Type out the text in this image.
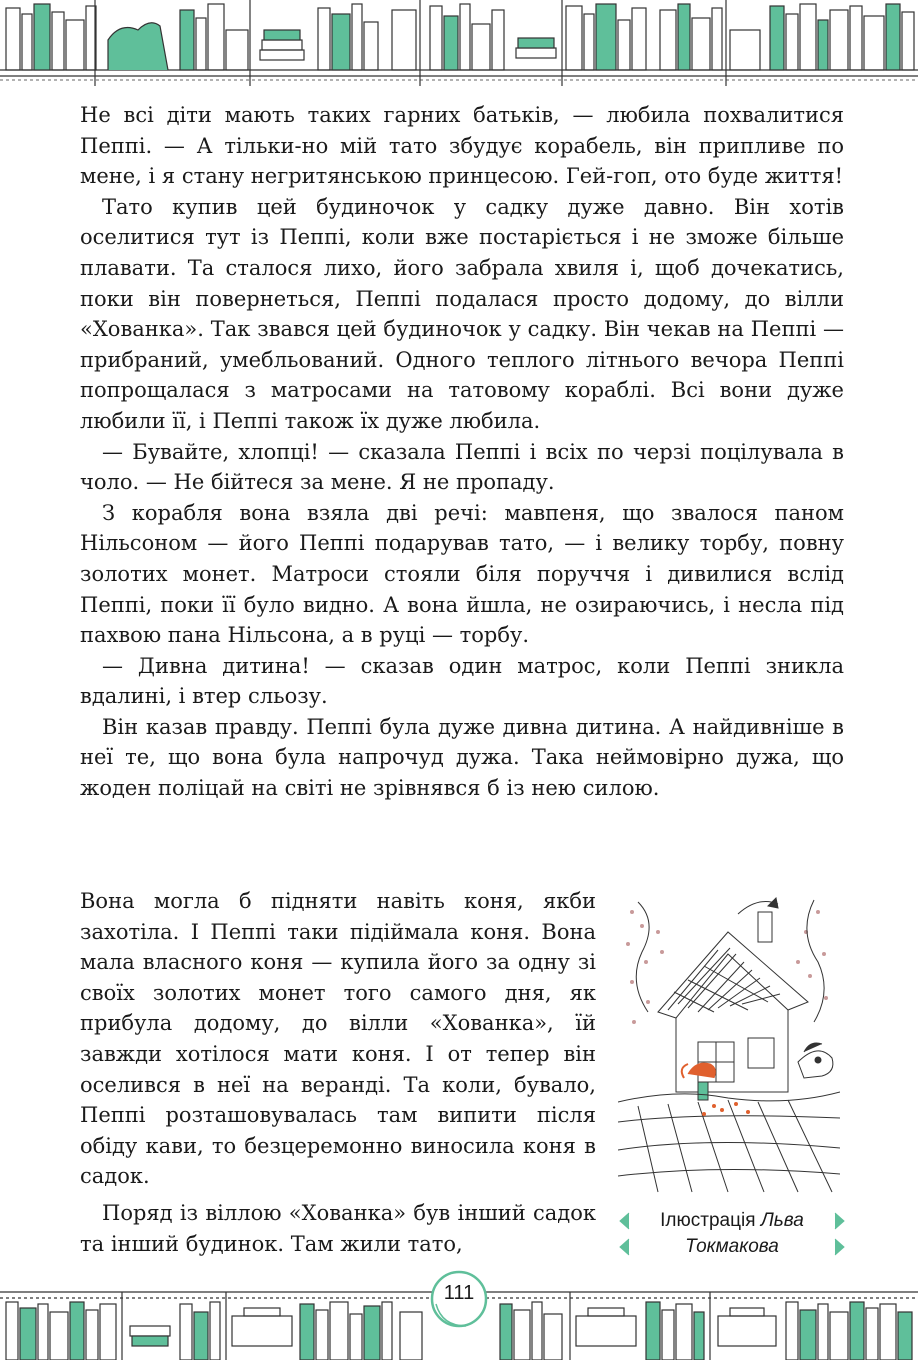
Не всі діти мають таких гарних батьків, — любила похвалитися Пеппі. — А тільки-но мій тато збудує корабель, він припливе по мене, і я стану негритянською принцесою. Гей-гоп, ото буде життя!

Тато купив цей будиночок у садку дуже давно. Він хотів оселитися тут із Пеппі, коли вже постаріється і не зможе більше плавати. Та сталося лихо, його забрала хвиля і, щоб дочекатись, поки він повернеться, Пеппі подалася просто додому, до вілли «Хованка». Так звався цей будиночок у садку. Він чекав на Пеппі — прибраний, умебльований. Одного теплого літнього вечора Пеппі попрощалася з матросами на татовому кораблі. Всі вони дуже любили її, і Пеппі також їх дуже любила.

— Бувайте, хлопці! — сказала Пеппі і всіх по черзі поцілувала в чоло. — Не бійтеся за мене. Я не пропаду.

З корабля вона взяла дві речі: мавпеня, що звалося паном Нільсоном — його Пеппі подарував тато, — і велику торбу, повну золотих монет. Матроси стояли біля поруччя і дивилися вслід Пеппі, поки її було видно. А вона йшла, не озираючись, і несла під пахвою пана Нільсона, а в руці — торбу.

— Дивна дитина! — сказав один матрос, коли Пеппі зникла вдалині, і втер сльозу.

Він казав правду. Пеппі була дуже дивна дитина. А найдивніше в неї те, що вона була напрочуд дужа. Така неймовірно дужа, що жоден поліцай на світі не зрівнявся б із нею силою.

Вона могла б підняти навіть коня, якби захотіла. І Пеппі таки підіймала коня. Вона мала власного коня — купила його за одну зі своїх золотих монет того самого дня, як прибула додому, до вілли «Хованка», їй завжди хотілося мати коня. І от тепер він оселився в неї на веранді. Та коли, бувало, Пеппі розташовувалась там випити після обіду кави, то безцеремонно виносила коня в садок.

Поряд із віллою «Хованка» був інший садок та інший будинок. Там жили тато,

Ілюстрація Льва
Токмакова
111
